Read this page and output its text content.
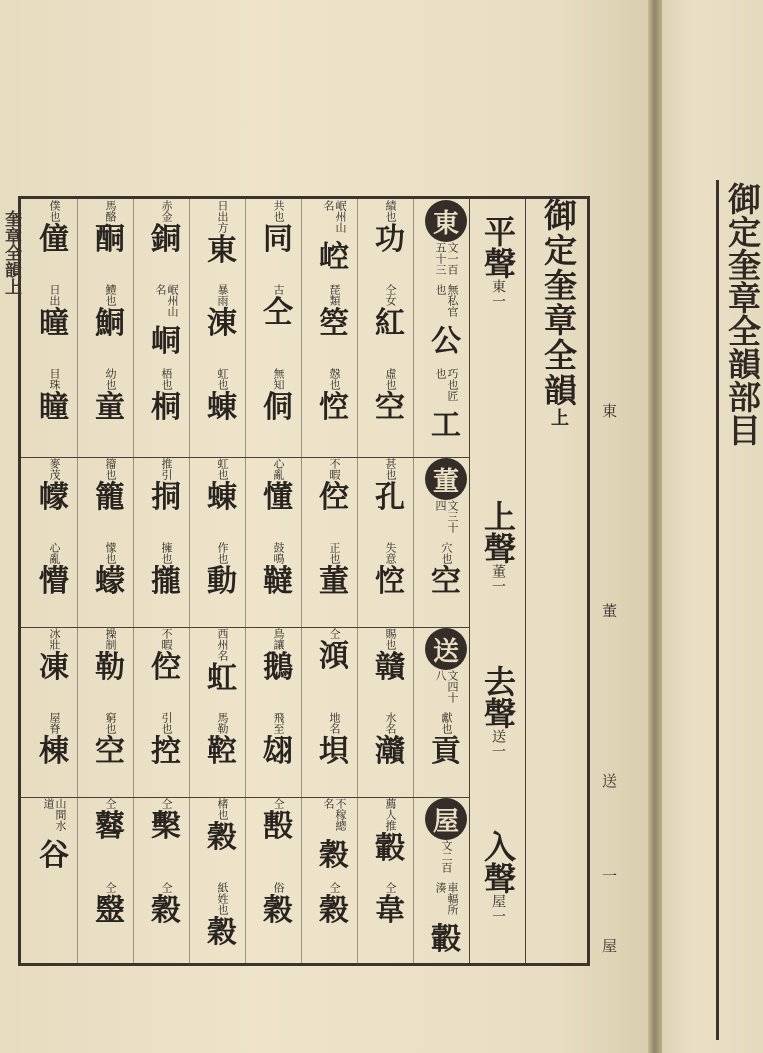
奎章全韻上
東
董
送
一
屋
御定奎章全韻上
平聲東一
上聲董一
去聲送一
入聲屋一
東
文一百五十三
無私官也
公
巧也匠也
工
績也
功
仝女
紅
虛也
空
岷州山名
崆
琵類
箜
慤也
悾
共也
同
古
仝
無知
侗
日出方
東
暴雨
涷
虹也
蝀
赤金
銅
岷州山名
峒
梧也
桐
馬酪
酮
鱧也
鮦
幼也
童
僕也
僮
日出
曈
目珠
瞳
董
文三十四
穴也
空
甚也
孔
失意
悾
不暇
倥
正也
董
心亂
懂
鼓鳴
韃
虹也
蝀
作也
動
推引
挏
擁也
攏
籀也
籠
懞也
蠓
麥茂
幪
心亂
懵
送
文四十八
獻也
貢
賜也
贛
水名
灨
仝
澒
地名
垻
鳥讓
鵝
飛至
翃
西州名
虹
馬勒
鞚
不暇
倥
引也
控
操制
勒
窮也
空
冰壯
凍
屋脊
棟
屋
文二百
車輻所湊
轂
薦人推
轂
仝
韋
不稼總名
穀
仝
穀
仝
毄
俗
穀
楮也
穀
紙姓也
穀
仝
檕
仝
穀
仝
鼛
仝
毉
山間水道
谷
御定奎章全韻部目
